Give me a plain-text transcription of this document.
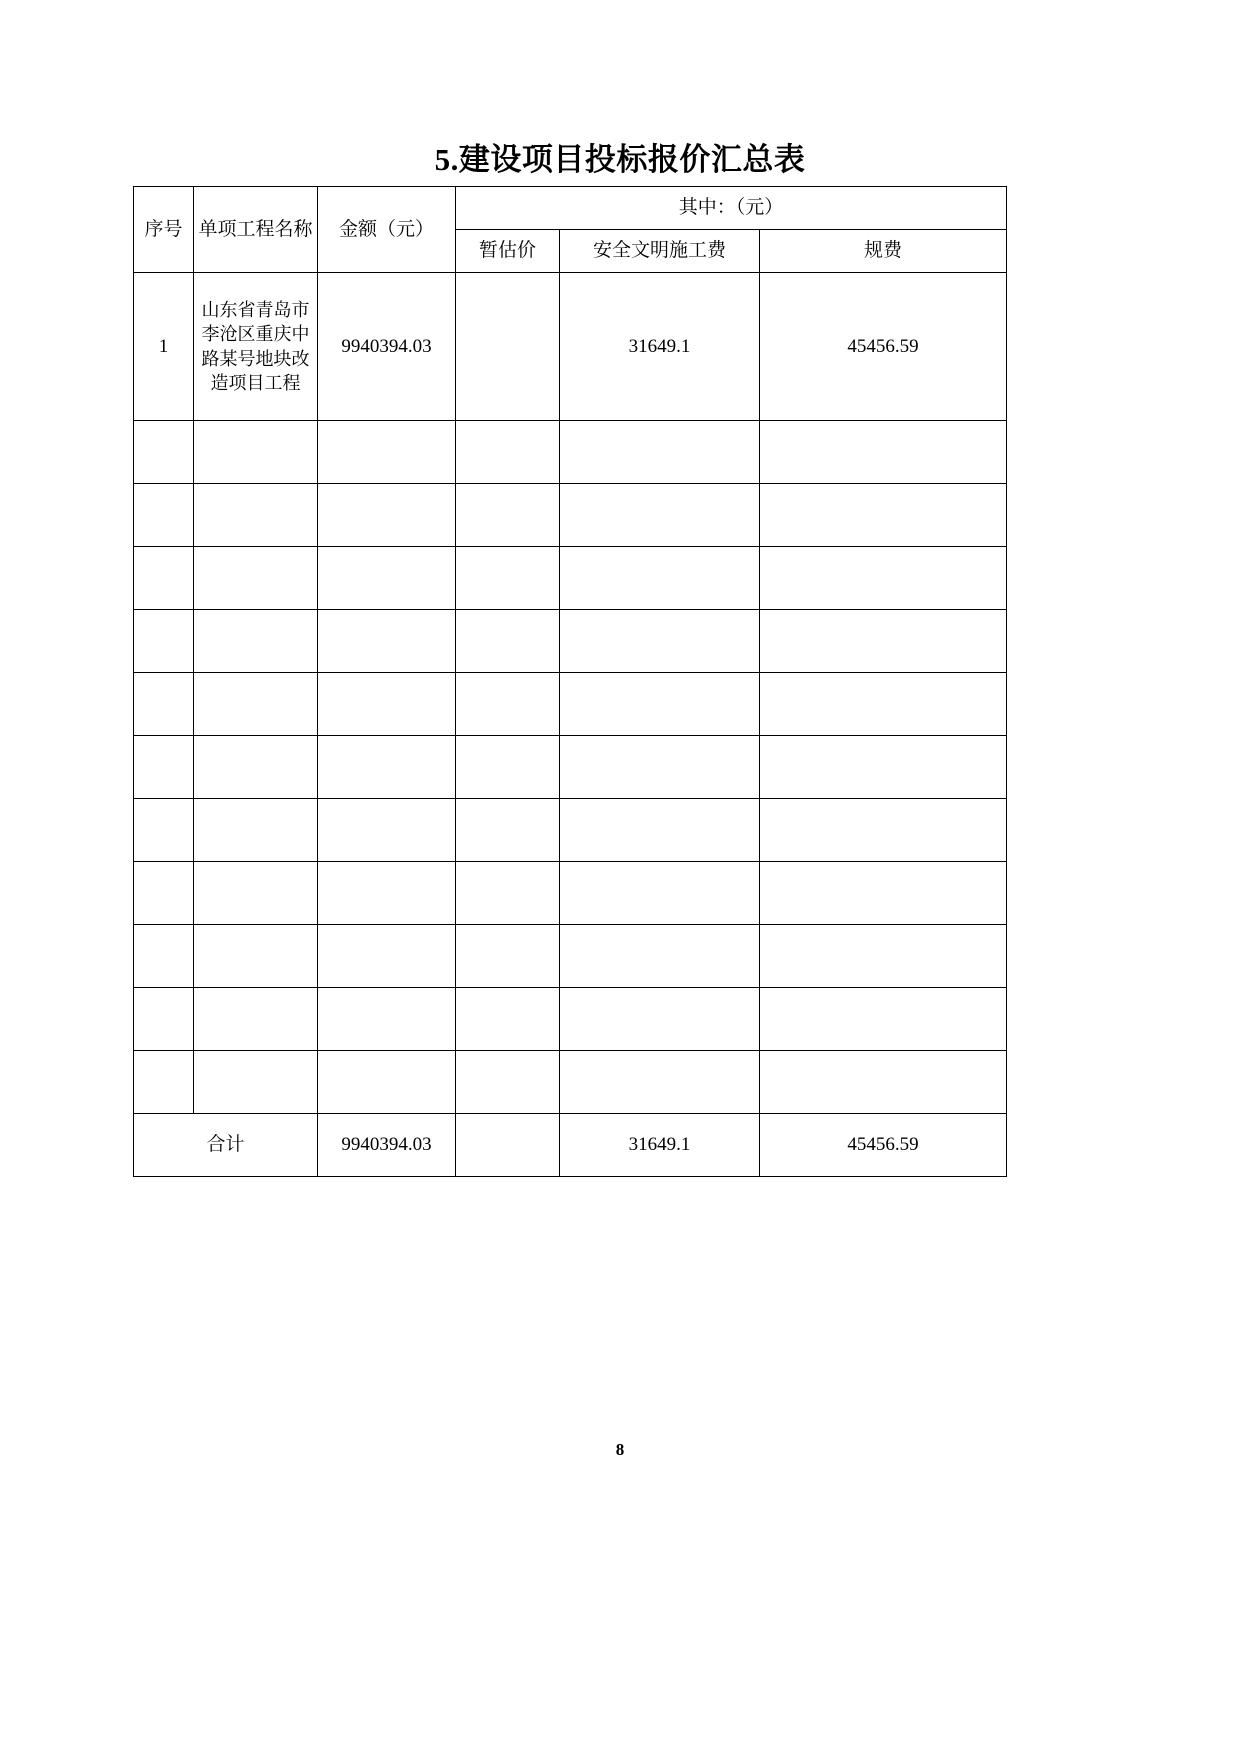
5.建设项目投标报价汇总表
序号	单项工程名称	金额（元）	其中：（元）		
			暂估价	安全文明施工费	规费
1	山东省青岛市李沧区重庆中路某号地块改造项目工程	9940394.03		31649.1	45456.59

合计		9940394.03		31649.1	45456.59
8
